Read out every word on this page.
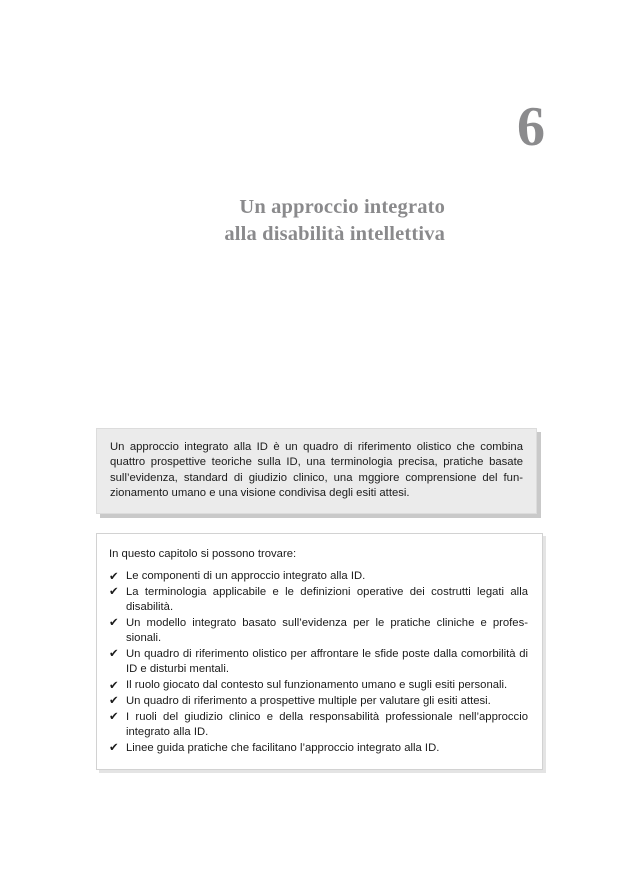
6
Un approccio integrato
alla disabilità intellettiva

Un approccio integrato alla ID è un quadro di riferimento olistico che combina quattro prospettive teoriche sulla ID, una terminologia precisa, pratiche basate sull’evidenza, standard di giudizio clinico, una mggiore comprensione del fun-zionamento umano e una visione condivisa degli esiti attesi.

In questo capitolo si possono trovare:

✔ Le componenti di un approccio integrato alla ID.
✔ La terminologia applicabile e le definizioni operative dei costrutti legati alla disabilità.
✔ Un modello integrato basato sull’evidenza per le pratiche cliniche e profes-sionali.
✔ Un quadro di riferimento olistico per affrontare le sfide poste dalla comorbilità di ID e disturbi mentali.
✔ Il ruolo giocato dal contesto sul funzionamento umano e sugli esiti personali.
✔ Un quadro di riferimento a prospettive multiple per valutare gli esiti attesi.
✔ I ruoli del giudizio clinico e della responsabilità professionale nell’approccio integrato alla ID.
✔ Linee guida pratiche che facilitano l’approccio integrato alla ID.
